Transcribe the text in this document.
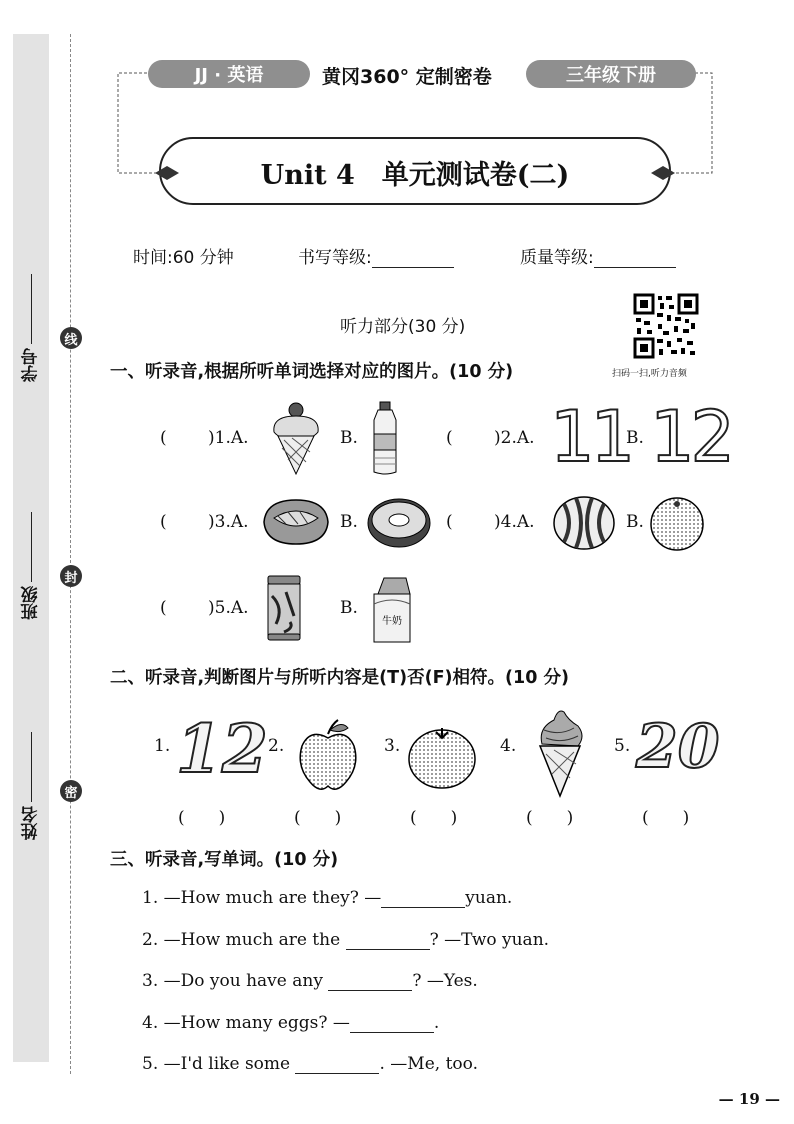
学号
班级
姓名
线
封
密
JJ · 英语	黄冈360° 定制密卷	三年级下册
Unit 4　单元测试卷(二)
时间:60 分钟	书写等级:	质量等级:
听力部分(30 分)
扫码一扫,听力音频
一、听录音,根据所听单词选择对应的图片。(10 分)
( )1.A.	B.	( )2.A. 11
B. 12
( )3.A.	B.	( )4.A.	B.
( )5.A.	B.
牛奶
二、听录音,判断图片与所听内容是(T)否(F)相符。(10 分)
1. 12 2.	3.	4.	5. 20
(　　)	(　　)	(　　)	(　　)	(　　)
三、听录音,写单词。(10 分)
1. —How much are they? —	yuan.
2. —How much are the	? —Two yuan.
3. —Do you have any	? —Yes.
4. —How many eggs? —	.
5. —I'd like some	. —Me, too.
— 19 —
